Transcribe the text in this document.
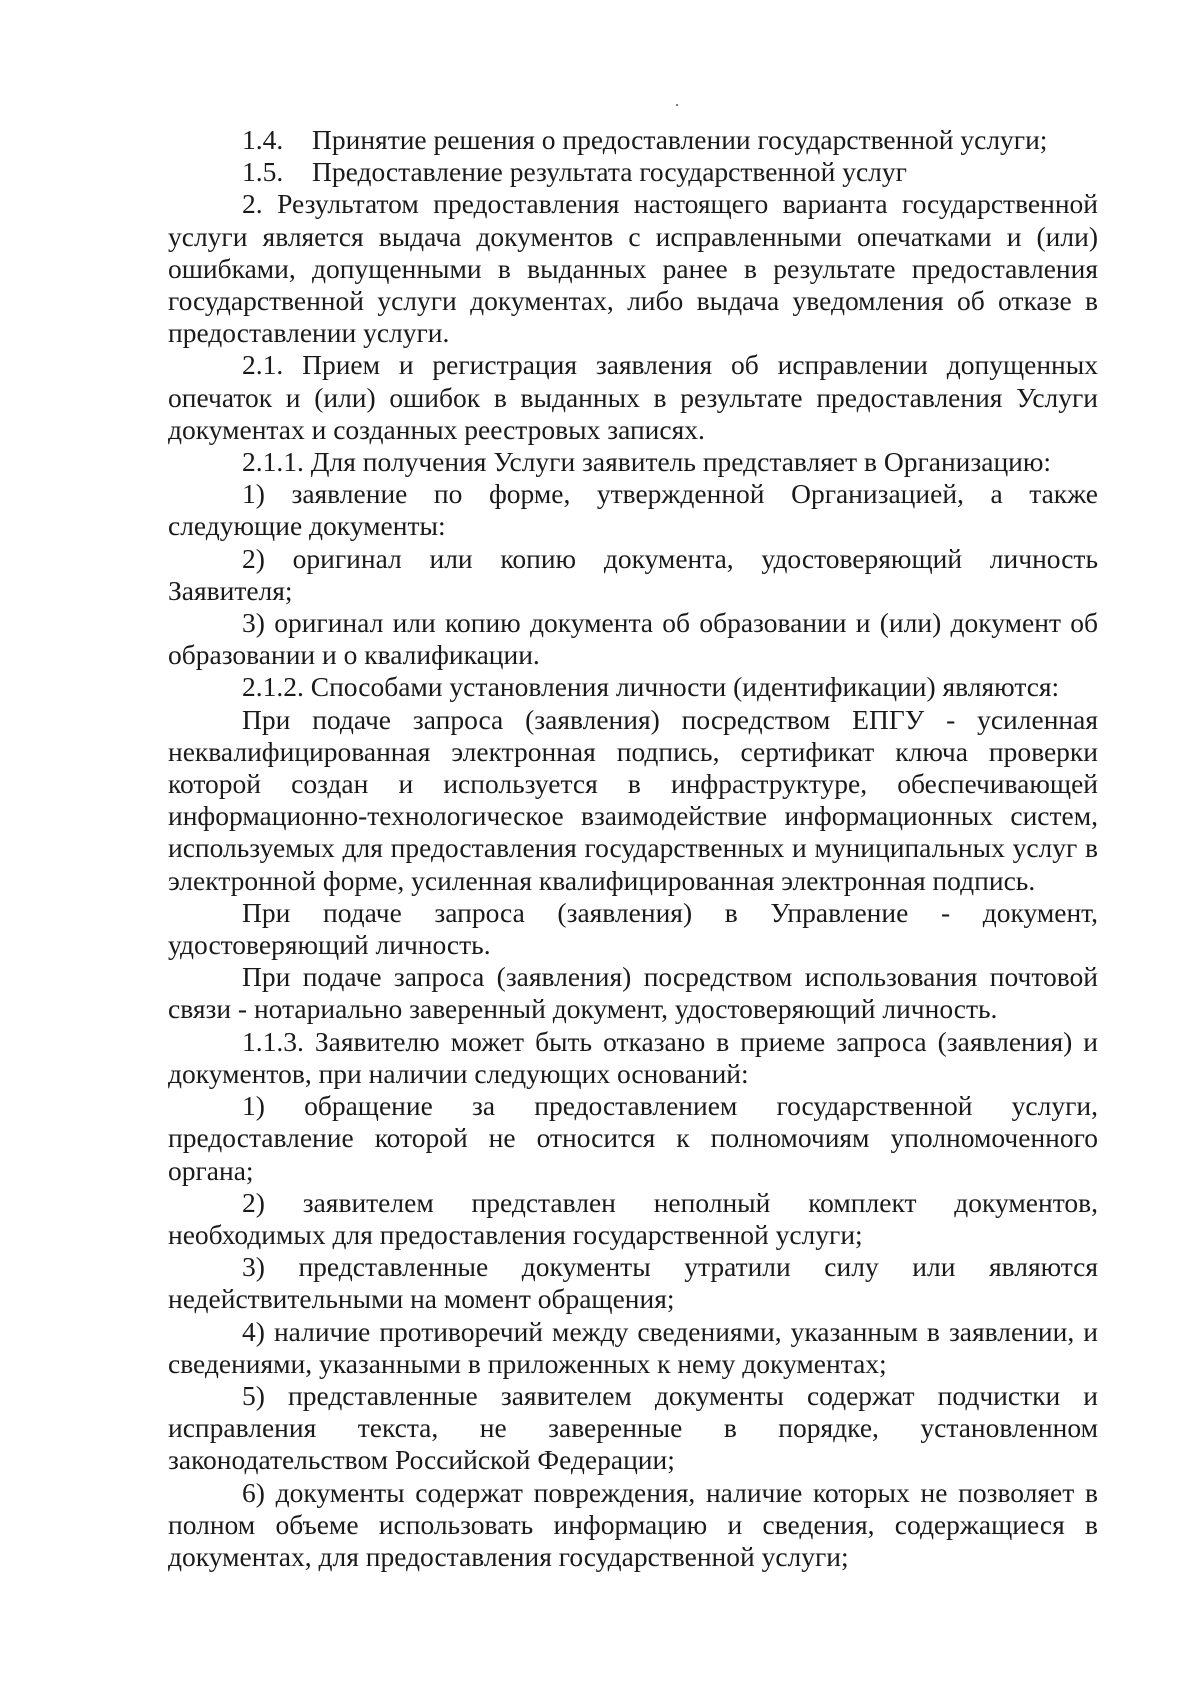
1.4. Принятие решения о предоставлении государственной услуги;

1.5. Предоставление результата государственной услуг

2. Результатом предоставления настоящего варианта государственной услуги является выдача документов с исправленными опечатками и (или) ошибками, допущенными в выданных ранее в результате предоставления государственной услуги документах, либо выдача уведомления об отказе в предоставлении услуги.

2.1. Прием и регистрация заявления об исправлении допущенных опечаток и (или) ошибок в выданных в результате предоставления Услуги документах и созданных реестровых записях.

2.1.1. Для получения Услуги заявитель представляет в Организацию:

1) заявление по форме, утвержденной Организацией, а также следующие документы:

2) оригинал или копию документа, удостоверяющий личность Заявителя;

3) оригинал или копию документа об образовании и (или) документ об образовании и о квалификации.

2.1.2. Способами установления личности (идентификации) являются:

При подаче запроса (заявления) посредством ЕПГУ - усиленная неквалифицированная электронная подпись, сертификат ключа проверки которой создан и используется в инфраструктуре, обеспечивающей информационно-технологическое взаимодействие информационных систем, используемых для предоставления государственных и муниципальных услуг в электронной форме, усиленная квалифицированная электронная подпись.

При подаче запроса (заявления) в Управление - документ, удостоверяющий личность.

При подаче запроса (заявления) посредством использования почтовой связи - нотариально заверенный документ, удостоверяющий личность.

1.1.3. Заявителю может быть отказано в приеме запроса (заявления) и документов, при наличии следующих оснований:

1) обращение за предоставлением государственной услуги, предоставление которой не относится к полномочиям уполномоченного органа;

2) заявителем представлен неполный комплект документов, необходимых для предоставления государственной услуги;

3) представленные документы утратили силу или являются недействительными на момент обращения;

4) наличие противоречий между сведениями, указанным в заявлении, и сведениями, указанными в приложенных к нему документах;

5) представленные заявителем документы содержат подчистки и исправления текста, не заверенные в порядке, установленном законодательством Российской Федерации;

6) документы содержат повреждения, наличие которых не позволяет в полном объеме использовать информацию и сведения, содержащиеся в документах, для предоставления государственной услуги;
